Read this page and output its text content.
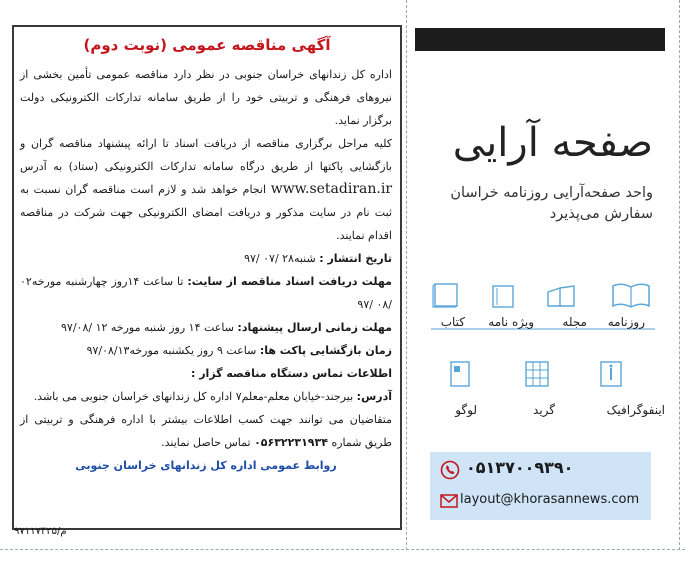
آگهی مناقصه عمومی (نوبت دوم)

اداره کل زندانهای خراسان جنوبی در نظر دارد مناقصه عمومی تأمین بخشی از نیروهای فرهنگی و تربیتی خود را از طریق سامانه تدارکات الکترونیکی دولت برگزار نماید.

کلیه مراحل برگزاری مناقصه از دریافت اسناد تا ارائه پیشنهاد مناقصه گران و بازگشایی پاکتها از طریق درگاه سامانه تدارکات الکترونیکی (ستاد) به آدرس www.setadiran.ir انجام خواهد شد و لازم است مناقصه گران نسبت به ثبت نام در سایت مذکور و دریافت امضای الکترونیکی جهت شرکت در مناقصه اقدام نمایند.

تاریخ انتشار : شنبه۲۸ /۰۷ /۹۷

مهلت دریافت اسناد مناقصه از سایت: تا ساعت ۱۴روز چهارشنبه مورخه۰۲ /۰۸ /۹۷

مهلت زمانی ارسال پیشنهاد: ساعت ۱۴ روز شنبه مورخه ۱۲ /۹۷/۰۸

زمان بازگشایی پاکت ها: ساعت ۹ روز یکشنبه مورخه۹۷/۰۸/۱۳

اطلاعات تماس دستگاه مناقصه گزار :

آدرس: بیرجند-خیابان معلم-معلم۷ اداره کل زندانهای خراسان جنوبی می باشد.

متقاضیان می توانند جهت کسب اطلاعات بیشتر با اداره فرهنگی و تربیتی از طریق شماره ۰۵۶۳۲۲۳۱۹۳۴ تماس حاصل نمایند.

روابط عمومی اداره کل زندانهای خراسان جنوبی

م/۹۷۱۱۷۴۲۵
صفحه آرایی
واحد صفحه‌آرایی روزنامه خراسان
سفارش می‌پذیرد
روزنامه
مجله
ویژه نامه
کتاب
اینفوگرافیک
گرید
لوگو
۰۵۱۳۷۰۰۹۳۹۰
layout@khorasannews.com
